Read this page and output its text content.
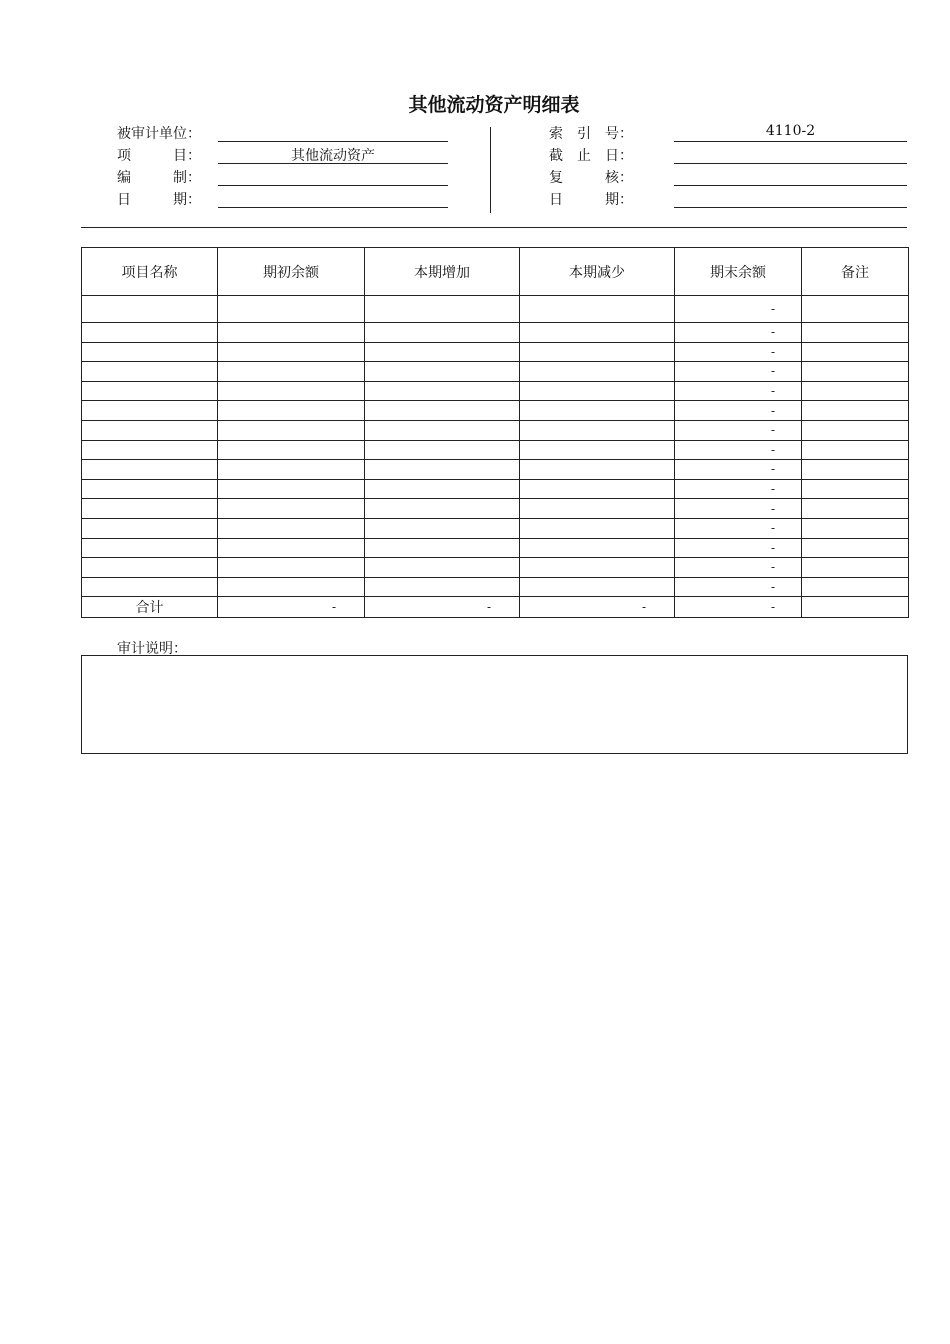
其他流动资产明细表
被审计单位：
项　　　目：	其他流动资产
编　　　制：
日　　　期：
索　引　号：	4110-2
截　止　日：
复　　　核：
日　　　期：
项目名称	期初余额	本期增加	本期减少	期末余额	备注
				-	
				-	
				-	
				-	
				-	
				-	
				-	
				-	
				-	
				-	
				-	
				-	
				-	
				-	
				-	
合计	-	-	-	-	
审计说明：
